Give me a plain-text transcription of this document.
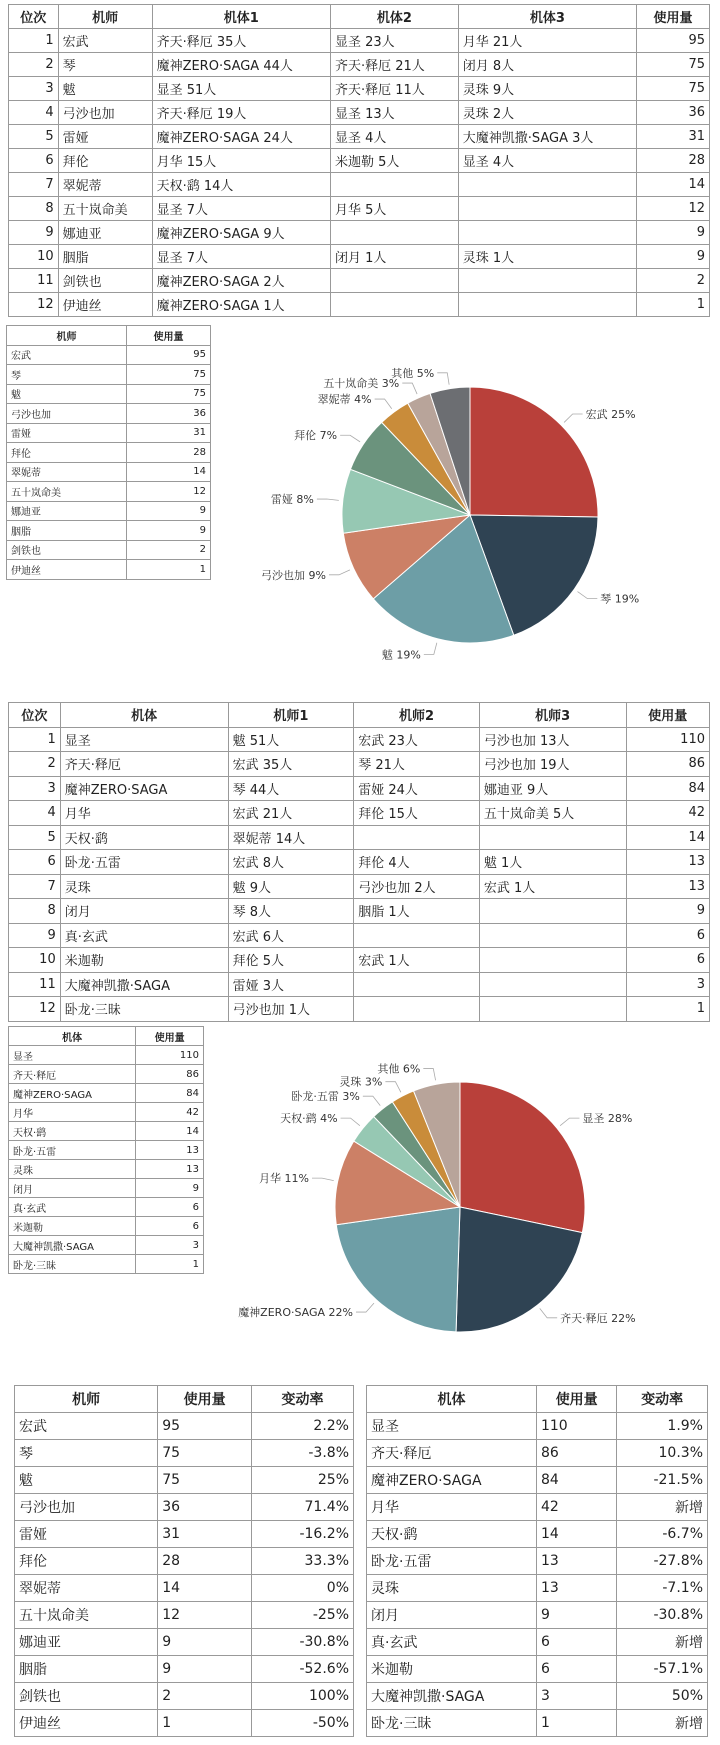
位次	机师	机体1	机体2	机体3	使用量
1	宏武	齐天·释厄 35人	显圣 23人	月华 21人	95
2	琴	魔神ZERO·SAGA 44人	齐天·释厄 21人	闭月 8人	75
3	魃	显圣 51人	齐天·释厄 11人	灵珠 9人	75
4	弓沙也加	齐天·释厄 19人	显圣 13人	灵珠 2人	36
5	雷娅	魔神ZERO·SAGA 24人	显圣 4人	大魔神凯撒·SAGA 3人	31
6	拜伦	月华 15人	米迦勒 5人	显圣 4人	28
7	翠妮蒂	天权·鹞 14人			14
8	五十岚命美	显圣 7人	月华 5人		12
9	娜迪亚	魔神ZERO·SAGA 9人			9
10	胭脂	显圣 7人	闭月 1人	灵珠 1人	9
11	剑铁也	魔神ZERO·SAGA 2人			2
12	伊迪丝	魔神ZERO·SAGA 1人			1
机师	使用量
宏武	95
琴	75
魃	75
弓沙也加	36
雷娅	31
拜伦	28
翠妮蒂	14
五十岚命美	12
娜迪亚	9
胭脂	9
剑铁也	2
伊迪丝	1
宏武 25%
琴 19%
魃 19%
弓沙也加 9%
雷娅 8%
拜伦 7%
翠妮蒂 4%
五十岚命美 3%
其他 5%
位次	机体	机师1	机师2	机师3	使用量
1	显圣	魃 51人	宏武 23人	弓沙也加 13人	110
2	齐天·释厄	宏武 35人	琴 21人	弓沙也加 19人	86
3	魔神ZERO·SAGA	琴 44人	雷娅 24人	娜迪亚 9人	84
4	月华	宏武 21人	拜伦 15人	五十岚命美 5人	42
5	天权·鹞	翠妮蒂 14人			14
6	卧龙·五雷	宏武 8人	拜伦 4人	魃 1人	13
7	灵珠	魃 9人	弓沙也加 2人	宏武 1人	13
8	闭月	琴 8人	胭脂 1人		9
9	真·玄武	宏武 6人			6
10	米迦勒	拜伦 5人	宏武 1人		6
11	大魔神凯撒·SAGA	雷娅 3人			3
12	卧龙·三昧	弓沙也加 1人			1
机体	使用量
显圣	110
齐天·释厄	86
魔神ZERO·SAGA	84
月华	42
天权·鹞	14
卧龙·五雷	13
灵珠	13
闭月	9
真·玄武	6
米迦勒	6
大魔神凯撒·SAGA	3
卧龙·三昧	1
显圣 28%
齐天·释厄 22%
魔神ZERO·SAGA 22%
月华 11%
天权·鹞 4%
卧龙·五雷 3%
灵珠 3%
其他 6%
机师	使用量	变动率
宏武	95	2.2%
琴	75	-3.8%
魃	75	25%
弓沙也加	36	71.4%
雷娅	31	-16.2%
拜伦	28	33.3%
翠妮蒂	14	0%
五十岚命美	12	-25%
娜迪亚	9	-30.8%
胭脂	9	-52.6%
剑铁也	2	100%
伊迪丝	1	-50%
机体	使用量	变动率
显圣	110	1.9%
齐天·释厄	86	10.3%
魔神ZERO·SAGA	84	-21.5%
月华	42	新增
天权·鹞	14	-6.7%
卧龙·五雷	13	-27.8%
灵珠	13	-7.1%
闭月	9	-30.8%
真·玄武	6	新增
米迦勒	6	-57.1%
大魔神凯撒·SAGA	3	50%
卧龙·三昧	1	新增
